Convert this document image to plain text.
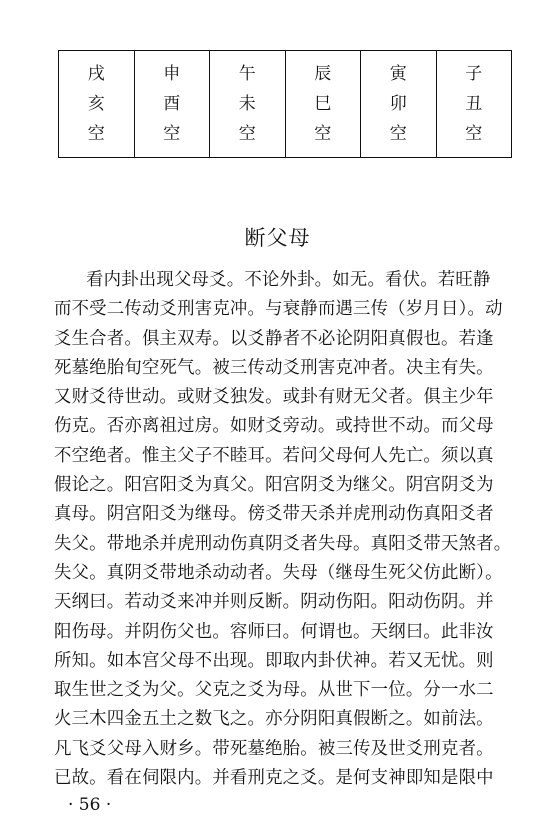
戌
亥
空
申
酉
空
午
未
空
辰
巳
空
寅
卯
空
子
丑
空
断父母
看内卦出现父母爻。不论外卦。如无。看伏。若旺静
而不受二传动爻刑害克冲。与衰静而遇三传（岁月日）。动
爻生合者。俱主双寿。以爻静者不必论阴阳真假也。若逢
死墓绝胎旬空死气。被三传动爻刑害克冲者。决主有失。
又财爻待世动。或财爻独发。或卦有财无父者。俱主少年
伤克。否亦离祖过房。如财爻旁动。或持世不动。而父母
不空绝者。惟主父子不睦耳。若问父母何人先亡。须以真
假论之。阳宫阳爻为真父。阳宫阴爻为继父。阴宫阴爻为
真母。阴宫阳爻为继母。傍爻带天杀并虎刑动伤真阳爻者
失父。带地杀并虎刑动伤真阴爻者失母。真阳爻带天煞者。
失父。真阴爻带地杀动动者。失母（继母生死父仿此断）。
天纲曰。若动爻来冲并则反断。阴动伤阳。阳动伤阴。并
阳伤母。并阴伤父也。容师曰。何谓也。天纲曰。此非汝
所知。如本宫父母不出现。即取内卦伏神。若又无忧。则
取生世之爻为父。父克之爻为母。从世下一位。分一水二
火三木四金五土之数飞之。亦分阴阳真假断之。如前法。
凡飞爻父母入财乡。带死墓绝胎。被三传及世爻刑克者。
已故。看在伺限内。并看刑克之爻。是何支神即知是限中
· 56 ·
